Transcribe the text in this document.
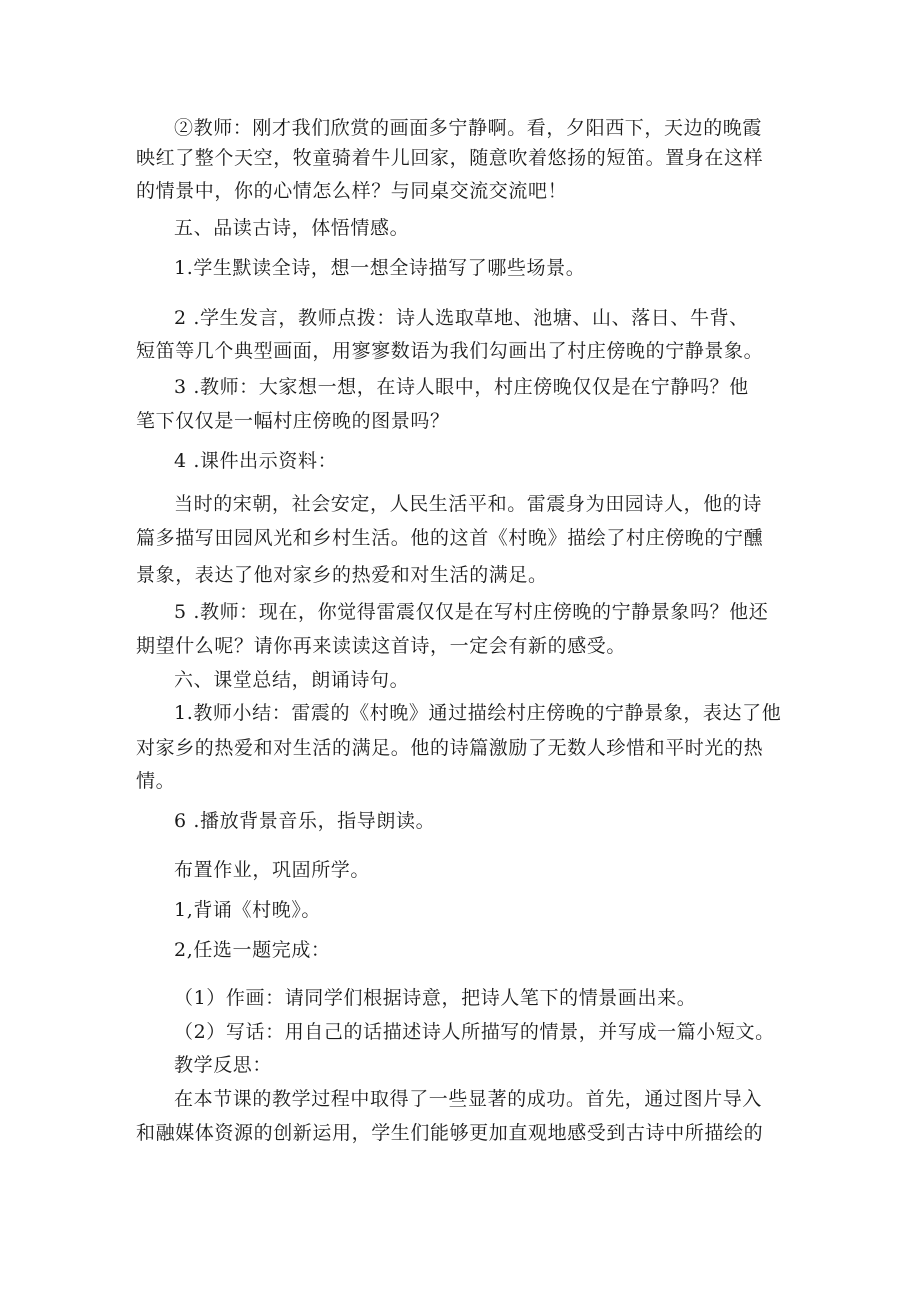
②教师：刚才我们欣赏的画面多宁静啊。看，夕阳西下，天边的晚霞

映红了整个天空，牧童骑着牛儿回家，随意吹着悠扬的短笛。置身在这样

的情景中，你的心情怎么样？与同桌交流交流吧！

五、品读古诗，体悟情感。

1.学生默读全诗，想一想全诗描写了哪些场景。

2 .学生发言，教师点拨：诗人选取草地、池塘、山、落日、牛背、

短笛等几个典型画面，用寥寥数语为我们勾画出了村庄傍晚的宁静景象。

3 .教师：大家想一想，在诗人眼中，村庄傍晚仅仅是在宁静吗？他

笔下仅仅是一幅村庄傍晚的图景吗？

4 .课件出示资料：

当时的宋朝，社会安定，人民生活平和。雷震身为田园诗人，他的诗

篇多描写田园风光和乡村生活。他的这首《村晚》描绘了村庄傍晚的宁醺

景象，表达了他对家乡的热爱和对生活的满足。

5 .教师：现在，你觉得雷震仅仅是在写村庄傍晚的宁静景象吗？他还

期望什么呢？请你再来读读这首诗，一定会有新的感受。

六、课堂总结，朗诵诗句。

1.教师小结：雷震的《村晚》通过描绘村庄傍晚的宁静景象，表达了他

对家乡的热爱和对生活的满足。他的诗篇激励了无数人珍惜和平时光的热

情。

6 .播放背景音乐，指导朗读。

布置作业，巩固所学。

1,背诵《村晚》。

2,任选一题完成：

（1）作画：请同学们根据诗意，把诗人笔下的情景画出来。

（2）写话：用自己的话描述诗人所描写的情景，并写成一篇小短文。

教学反思：

在本节课的教学过程中取得了一些显著的成功。首先，通过图片导入

和融媒体资源的创新运用，学生们能够更加直观地感受到古诗中所描绘的
